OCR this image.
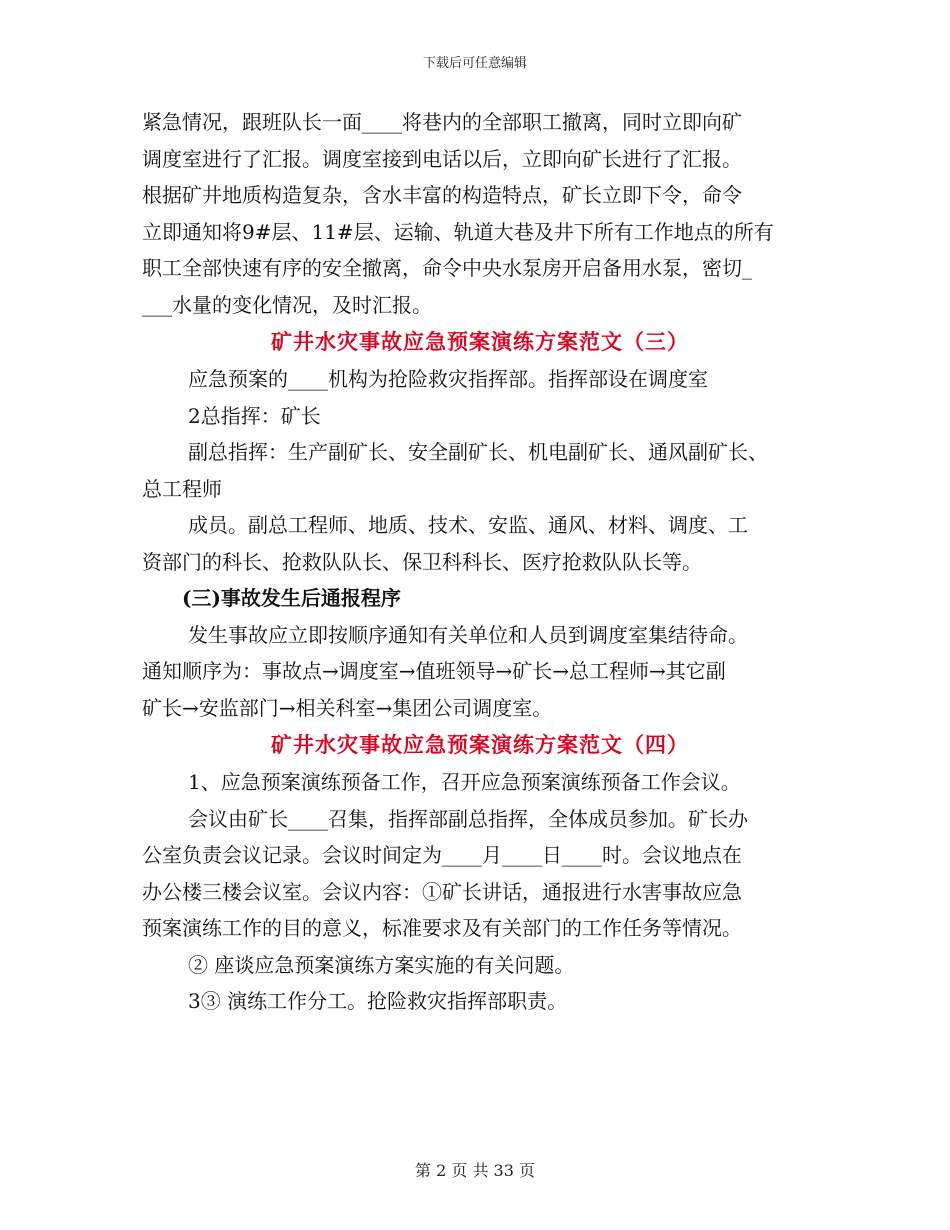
下载后可任意编辑

紧急情况，跟班队长一面____将巷内的全部职工撤离，同时立即向矿

调度室进行了汇报。调度室接到电话以后，立即向矿长进行了汇报。

根据矿井地质构造复杂，含水丰富的构造特点，矿长立即下令，命令

立即通知将9#层、11#层、运输、轨道大巷及井下所有工作地点的所有

职工全部快速有序的安全撤离，命令中央水泵房开启备用水泵，密切_

___水量的变化情况，及时汇报。

矿井水灾事故应急预案演练方案范文（三）

应急预案的____机构为抢险救灾指挥部。指挥部设在调度室

2总指挥：矿长

副总指挥：生产副矿长、安全副矿长、机电副矿长、通风副矿长、

总工程师

成员。副总工程师、地质、技术、安监、通风、材料、调度、工

资部门的科长、抢救队队长、保卫科科长、医疗抢救队队长等。

(三)事故发生后通报程序

发生事故应立即按顺序通知有关单位和人员到调度室集结待命。

通知顺序为：事故点→调度室→值班领导→矿长→总工程师→其它副

矿长→安监部门→相关科室→集团公司调度室。

矿井水灾事故应急预案演练方案范文（四）

1、应急预案演练预备工作，召开应急预案演练预备工作会议。

会议由矿长____召集，指挥部副总指挥，全体成员参加。矿长办

公室负责会议记录。会议时间定为____月____日____时。会议地点在

办公楼三楼会议室。会议内容：①矿长讲话，通报进行水害事故应急

预案演练工作的目的意义，标准要求及有关部门的工作任务等情况。

② 座谈应急预案演练方案实施的有关问题。

3③ 演练工作分工。抢险救灾指挥部职责。

第 2 页 共 33 页
